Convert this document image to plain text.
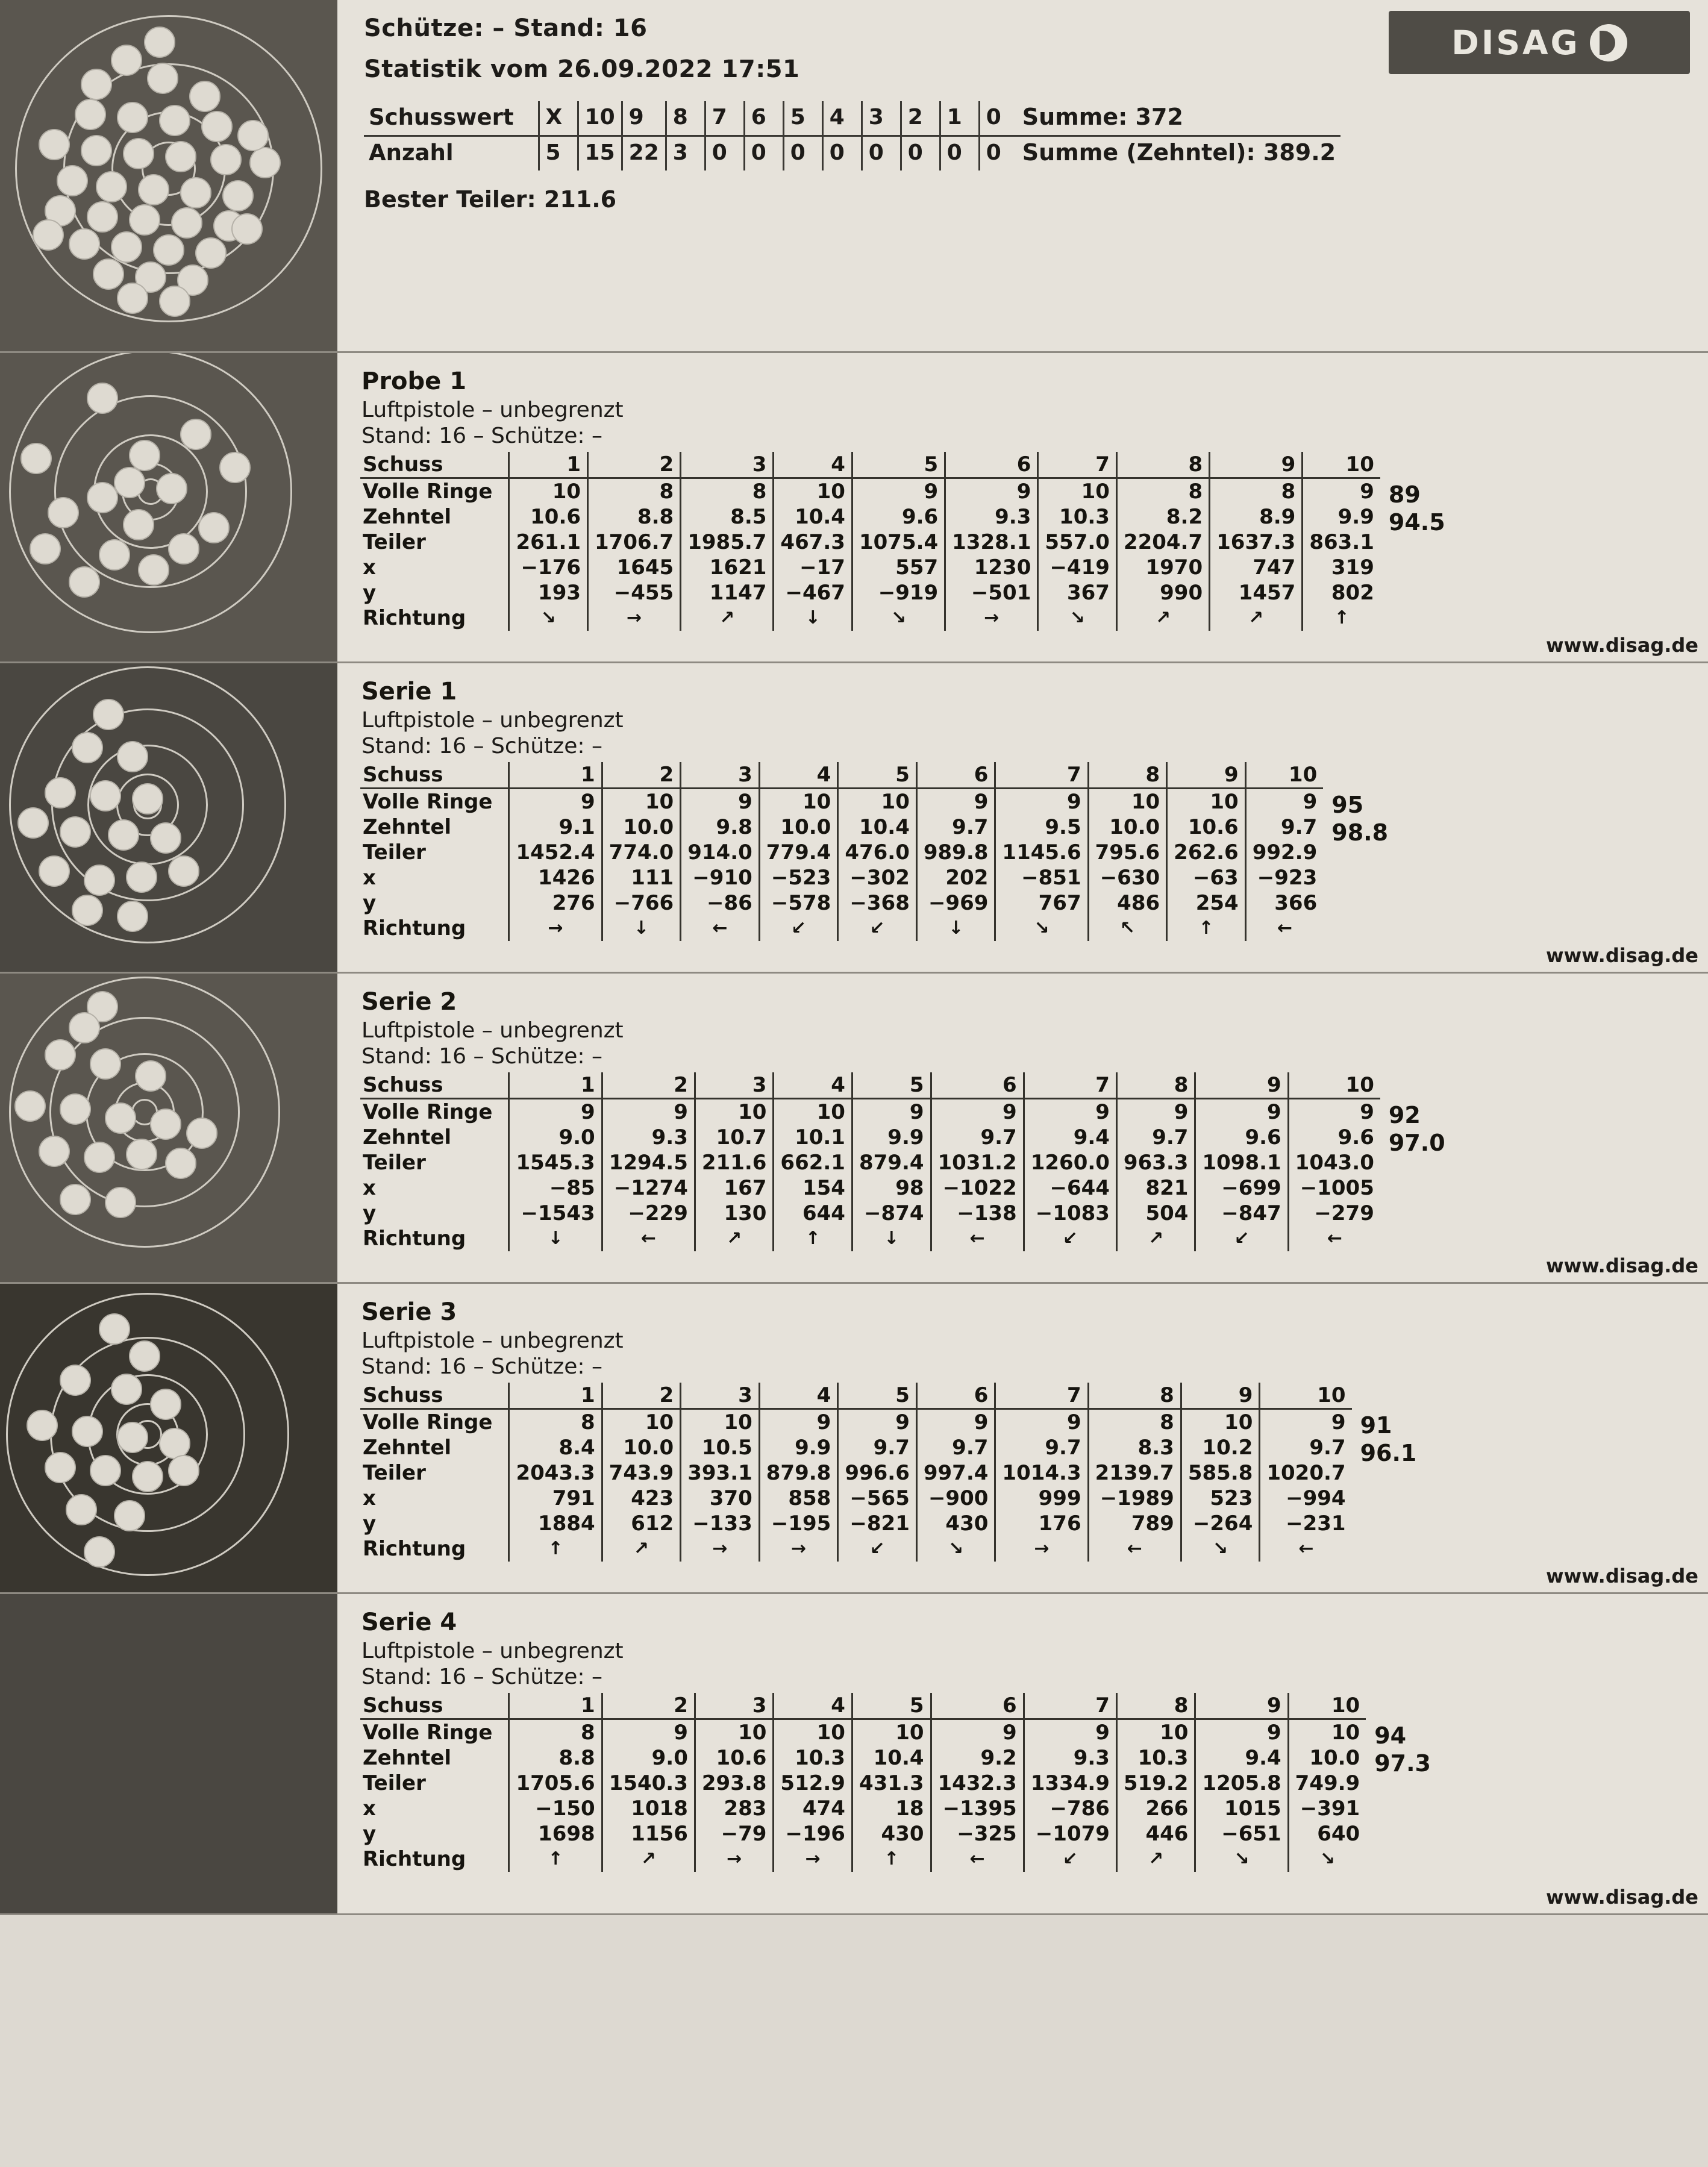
DISAG
Schütze: – Stand: 16
Statistik vom 26.09.2022 17:51
Schusswert	X	10	9	8	7	6	5	4	3	2	1	0	Summe: 372
Anzahl	5	15	22	3	0	0	0	0	0	0	0	0	Summe (Zehntel): 389.2
Bester Teiler: 211.6
Probe 1
Luftpistole – unbegrenzt
Stand: 16 – Schütze: –
Schuss	1	2	3	4	5	6	7	8	9	10
Volle Ringe	10	8	8	10	9	9	10	8	8	9
Zehntel	10.6	8.8	8.5	10.4	9.6	9.3	10.3	8.2	8.9	9.9
Teiler	261.1	1706.7	1985.7	467.3	1075.4	1328.1	557.0	2204.7	1637.3	863.1
x	−176	1645	1621	−17	557	1230	−419	1970	747	319
y	193	−455	1147	−467	−919	−501	367	990	1457	802
Richtung	↘	→	↗	↓	↘	→	↘	↗	↗	↑
89
94.5
www.disag.de
Serie 1
Luftpistole – unbegrenzt
Stand: 16 – Schütze: –
Schuss	1	2	3	4	5	6	7	8	9	10
Volle Ringe	9	10	9	10	10	9	9	10	10	9
Zehntel	9.1	10.0	9.8	10.0	10.4	9.7	9.5	10.0	10.6	9.7
Teiler	1452.4	774.0	914.0	779.4	476.0	989.8	1145.6	795.6	262.6	992.9
x	1426	111	−910	−523	−302	202	−851	−630	−63	−923
y	276	−766	−86	−578	−368	−969	767	486	254	366
Richtung	→	↓	←	↙	↙	↓	↘	↖	↑	←
95
98.8
www.disag.de
Serie 2
Luftpistole – unbegrenzt
Stand: 16 – Schütze: –
Schuss	1	2	3	4	5	6	7	8	9	10
Volle Ringe	9	9	10	10	9	9	9	9	9	9
Zehntel	9.0	9.3	10.7	10.1	9.9	9.7	9.4	9.7	9.6	9.6
Teiler	1545.3	1294.5	211.6	662.1	879.4	1031.2	1260.0	963.3	1098.1	1043.0
x	−85	−1274	167	154	98	−1022	−644	821	−699	−1005
y	−1543	−229	130	644	−874	−138	−1083	504	−847	−279
Richtung	↓	←	↗	↑	↓	←	↙	↗	↙	←
92
97.0
www.disag.de
Serie 3
Luftpistole – unbegrenzt
Stand: 16 – Schütze: –
Schuss	1	2	3	4	5	6	7	8	9	10
Volle Ringe	8	10	10	9	9	9	9	8	10	9
Zehntel	8.4	10.0	10.5	9.9	9.7	9.7	9.7	8.3	10.2	9.7
Teiler	2043.3	743.9	393.1	879.8	996.6	997.4	1014.3	2139.7	585.8	1020.7
x	791	423	370	858	−565	−900	999	−1989	523	−994
y	1884	612	−133	−195	−821	430	176	789	−264	−231
Richtung	↑	↗	→	→	↙	↘	→	←	↘	←
91
96.1
www.disag.de
Serie 4
Luftpistole – unbegrenzt
Stand: 16 – Schütze: –
Schuss	1	2	3	4	5	6	7	8	9	10
Volle Ringe	8	9	10	10	10	9	9	10	9	10
Zehntel	8.8	9.0	10.6	10.3	10.4	9.2	9.3	10.3	9.4	10.0
Teiler	1705.6	1540.3	293.8	512.9	431.3	1432.3	1334.9	519.2	1205.8	749.9
x	−150	1018	283	474	18	−1395	−786	266	1015	−391
y	1698	1156	−79	−196	430	−325	−1079	446	−651	640
Richtung	↑	↗	→	→	↑	←	↙	↗	↘	↘
94
97.3
www.disag.de
